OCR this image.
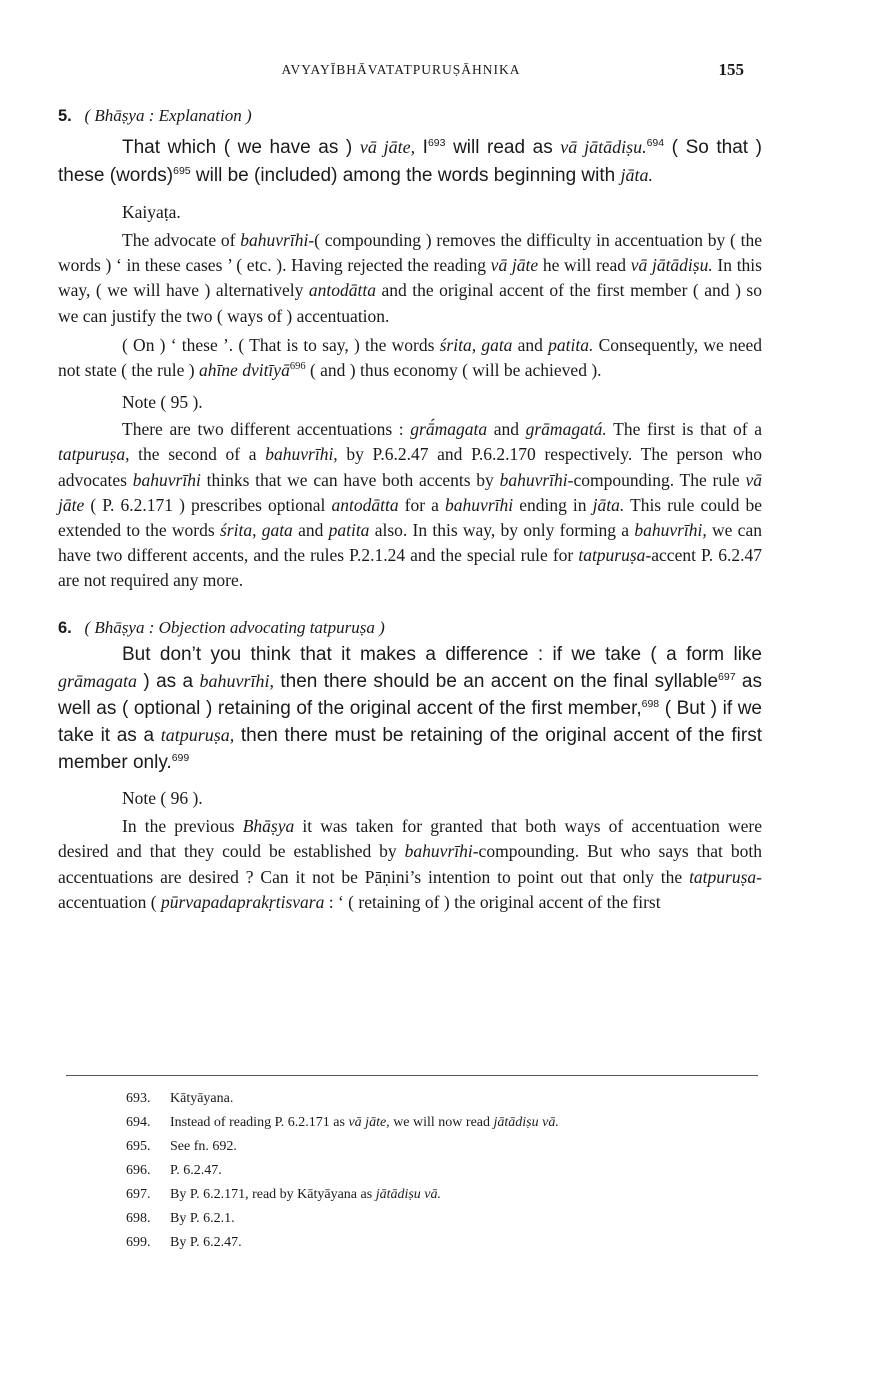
AVYAYĪBHĀVATATPURUṢĀHNIKA	155
5. ( Bhāṣya : Explanation )

That which ( we have as ) vā jāte, $I^{693}$ will read as vā jātādiṣu.$^{694}$ ( So that ) these (words)$^{695}$ will be (included) among the words beginning with jāta.

Kaiyaṭa.

The advocate of bahuvrīhi-( compounding ) removes the difficulty in accentuation by ( the words ) ‘ in these cases ’ ( etc. ). Having rejected the reading vā jāte he will read vā jātādiṣu. In this way, ( we will have ) alternatively antodātta and the original accent of the first member ( and ) so we can justify the two ( ways of ) accentuation.

( On ) ‘ these ’. ( That is to say, ) the words śrita, gata and patita. Consequently, we need not state ( the rule ) ahīne dvitīyā$^{696}$ ( and ) thus economy ( will be achieved ).

Note ( 95 ).

There are two different accentuations : grā́magata and grāmagatá. The first is that of a tatpuruṣa, the second of a bahuvrīhi, by P.6.2.47 and P.6.2.170 respectively. The person who advocates bahuvrīhi thinks that we can have both accents by bahuvrīhi-compounding. The rule vā jāte ( P. 6.2.171 ) prescribes optional antodātta for a bahuvrīhi ending in jāta. This rule could be extended to the words śrita, gata and patita also. In this way, by only forming a bahuvrīhi, we can have two different accents, and the rules P.2.1.24 and the special rule for tatpuruṣa-accent P. 6.2.47 are not required any more.

6. ( Bhāṣya : Objection advocating tatpuruṣa )

But don’t you think that it makes a difference : if we take ( a form like grāmagata ) as a bahuvrīhi, then there should be an accent on the final syllable$^{697}$ as well as ( optional ) retaining of the original accent of the first member,$^{698}$ ( But ) if we take it as a tatpuruṣa, then there must be retaining of the original accent of the first member only.$^{699}$

Note ( 96 ).

In the previous Bhāṣya it was taken for granted that both ways of accentuation were desired and that they could be established by bahuvrīhi-compounding. But who says that both accentuations are desired ? Can it not be Pāṇini’s intention to point out that only the tatpuruṣa-accentuation ( pūrvapadaprakṛtisvara : ‘ ( retaining of ) the original accent of the first

693. Kātyāyana.
694. Instead of reading P. 6.2.171 as vā jāte, we will now read jātādiṣu vā.
695. See fn. 692.
696. P. 6.2.47.
697. By P. 6.2.171, read by Kātyāyana as jātādiṣu vā.
698. By P. 6.2.1.
699. By P. 6.2.47.
